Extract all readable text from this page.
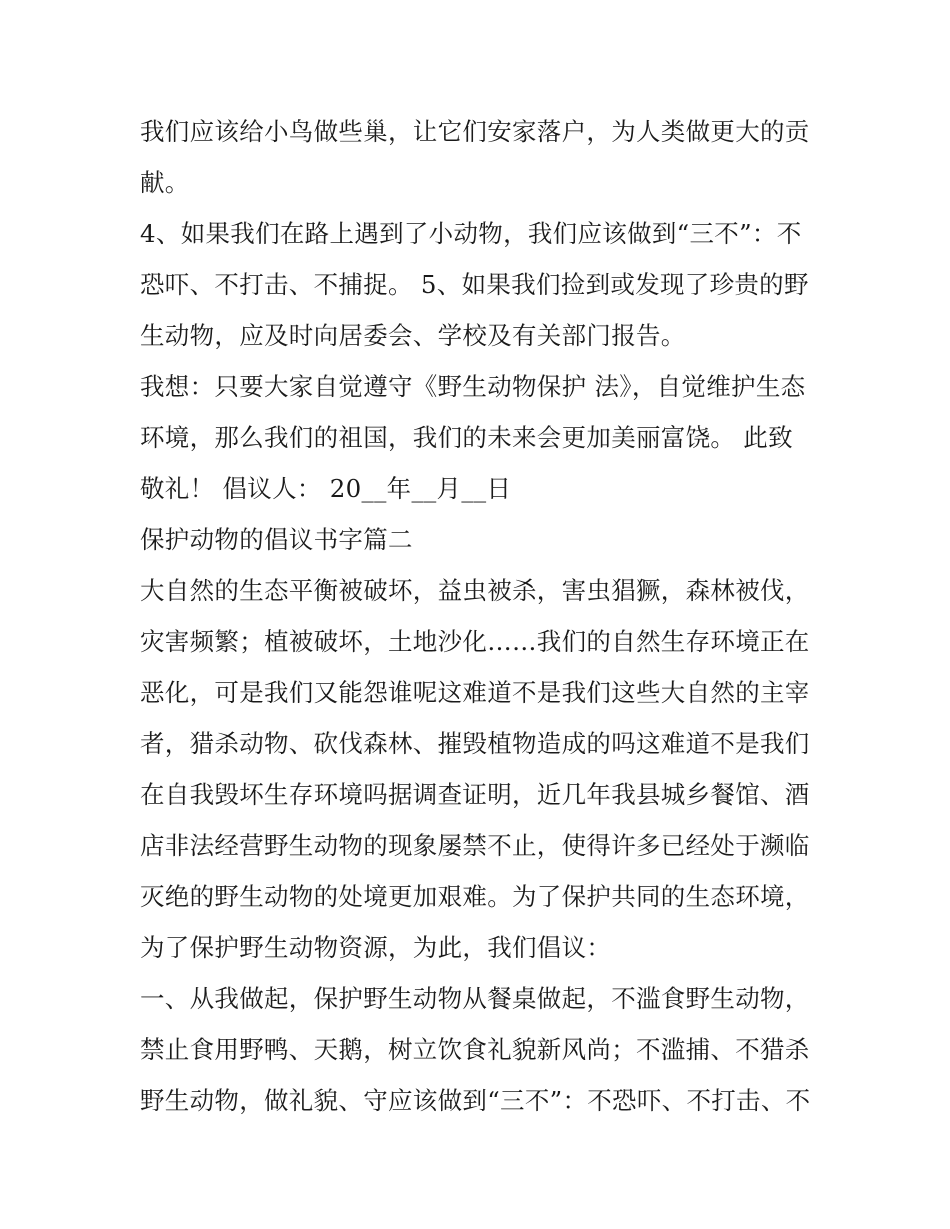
我们应该给小鸟做些巢，让它们安家落户，为人类做更大的贡献。

4、如果我们在路上遇到了小动物，我们应该做到“三不”：不恐吓、不打击、不捕捉。 5、如果我们捡到或发现了珍贵的野生动物，应及时向居委会、学校及有关部门报告。

我想：只要大家自觉遵守《野生动物保护 法》，自觉维护生态环境，那么我们的祖国，我们的未来会更加美丽富饶。 此致 敬礼！ 倡议人： 20__年__月__日

保护动物的倡议书字篇二

大自然的生态平衡被破坏，益虫被杀，害虫猖獗，森林被伐，灾害频繁；植被破坏，土地沙化……我们的自然生存环境正在恶化，可是我们又能怨谁呢这难道不是我们这些大自然的主宰者，猎杀动物、砍伐森林、摧毁植物造成的吗这难道不是我们在自我毁坏生存环境吗据调查证明，近几年我县城乡餐馆、酒店非法经营野生动物的现象屡禁不止，使得许多已经处于濒临灭绝的野生动物的处境更加艰难。为了保护共同的生态环境，为了保护野生动物资源，为此，我们倡议：

一、从我做起，保护野生动物从餐桌做起，不滥食野生动物，禁止食用野鸭、天鹅，树立饮食礼貌新风尚；不滥捕、不猎杀野生动物，做礼貌、守应该做到“三不”：不恐吓、不打击、不
